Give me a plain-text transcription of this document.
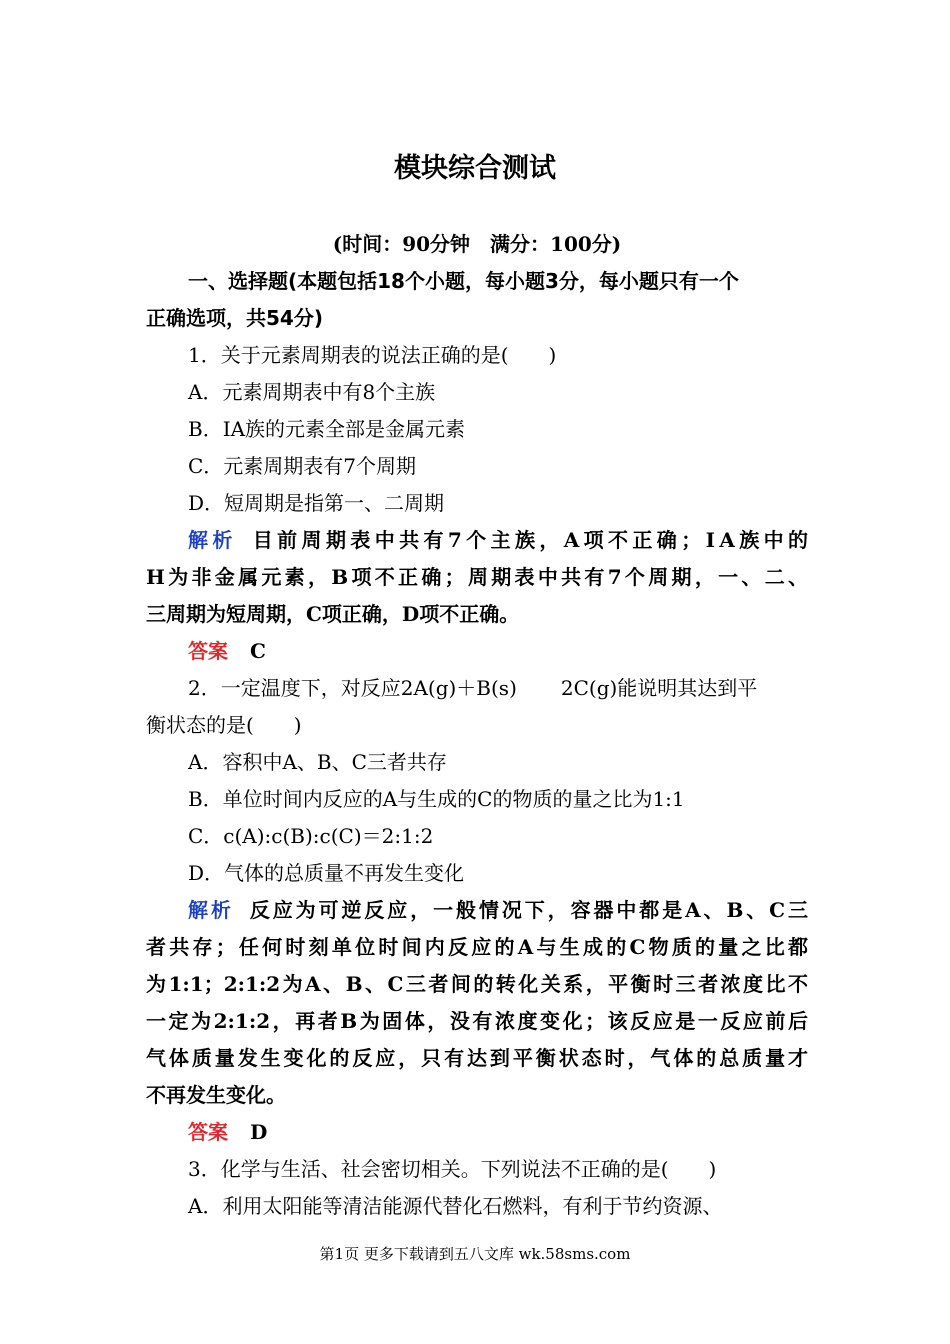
模块综合测试
(时间：90分钟　满分：100分)
一、选择题(本题包括18个小题，每小题3分，每小题只有一个
正确选项，共54分)
1．关于元素周期表的说法正确的是(　　)
A．元素周期表中有8个主族
B．ⅠA族的元素全部是金属元素
C．元素周期表有7个周期
D．短周期是指第一、二周期
解析 目前周期表中共有7个主族，A项不正确；ⅠA族中的
H为非金属元素，B项不正确；周期表中共有7个周期，一、二、
三周期为短周期，C项正确，D项不正确。
答案 C
2．一定温度下，对反应2A(g)＋B(s) 2C(g)能说明其达到平
衡状态的是(　　)
A．容积中A、B、C三者共存
B．单位时间内反应的A与生成的C的物质的量之比为1:1
C．c(A):c(B):c(C)＝2:1:2
D．气体的总质量不再发生变化
解析 反应为可逆反应，一般情况下，容器中都是A、B、C三
者共存；任何时刻单位时间内反应的A与生成的C物质的量之比都
为1:1；2:1:2为A、B、C三者间的转化关系，平衡时三者浓度比不
一定为2:1:2，再者B为固体，没有浓度变化；该反应是一反应前后
气体质量发生变化的反应，只有达到平衡状态时，气体的总质量才
不再发生变化。
答案 D
3．化学与生活、社会密切相关。下列说法不正确的是(　　)
A．利用太阳能等清洁能源代替化石燃料，有利于节约资源、
第1页 更多下载请到五八文库 wk.58sms.com
